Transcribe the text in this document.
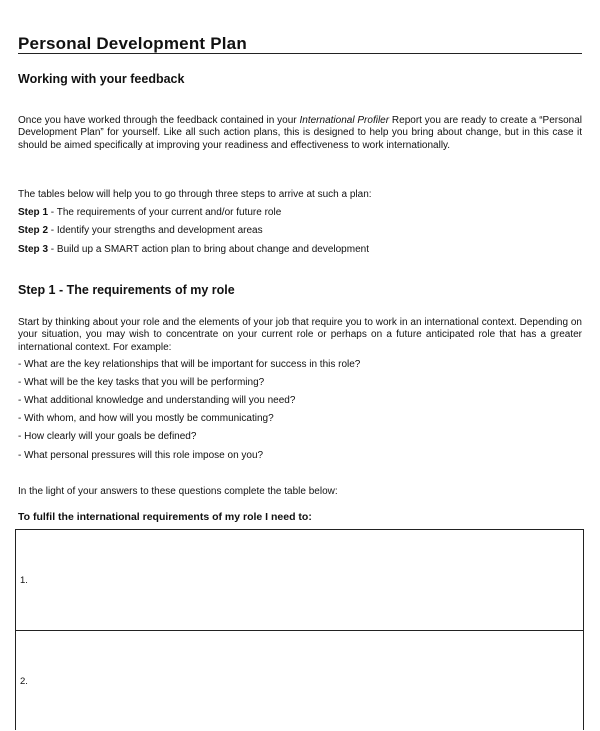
Personal Development Plan
Working with your feedback
Once you have worked through the feedback contained in your International Profiler Report you are ready to create a “Personal Development Plan” for yourself. Like all such action plans, this is designed to help you bring about change, but in this case it should be aimed specifically at improving your readiness and effectiveness to work internationally.
The tables below will help you to go through three steps to arrive at such a plan:
Step 1 - The requirements of your current and/or future role
Step 2 - Identify your strengths and development areas
Step 3 - Build up a SMART action plan to bring about change and development
Step 1 - The requirements of my role
Start by thinking about your role and the elements of your job that require you to work in an international context. Depending on your situation, you may wish to concentrate on your current role or perhaps on a future anticipated role that has a greater international context. For example:
- What are the key relationships that will be important for success in this role?
- What will be the key tasks that you will be performing?
- What additional knowledge and understanding will you need?
- With whom, and how will you mostly be communicating?
- How clearly will your goals be defined?
- What personal pressures will this role impose on you?
In the light of your answers to these questions complete the table below:
To fulfil the international requirements of my role I need to:
1.
2.
